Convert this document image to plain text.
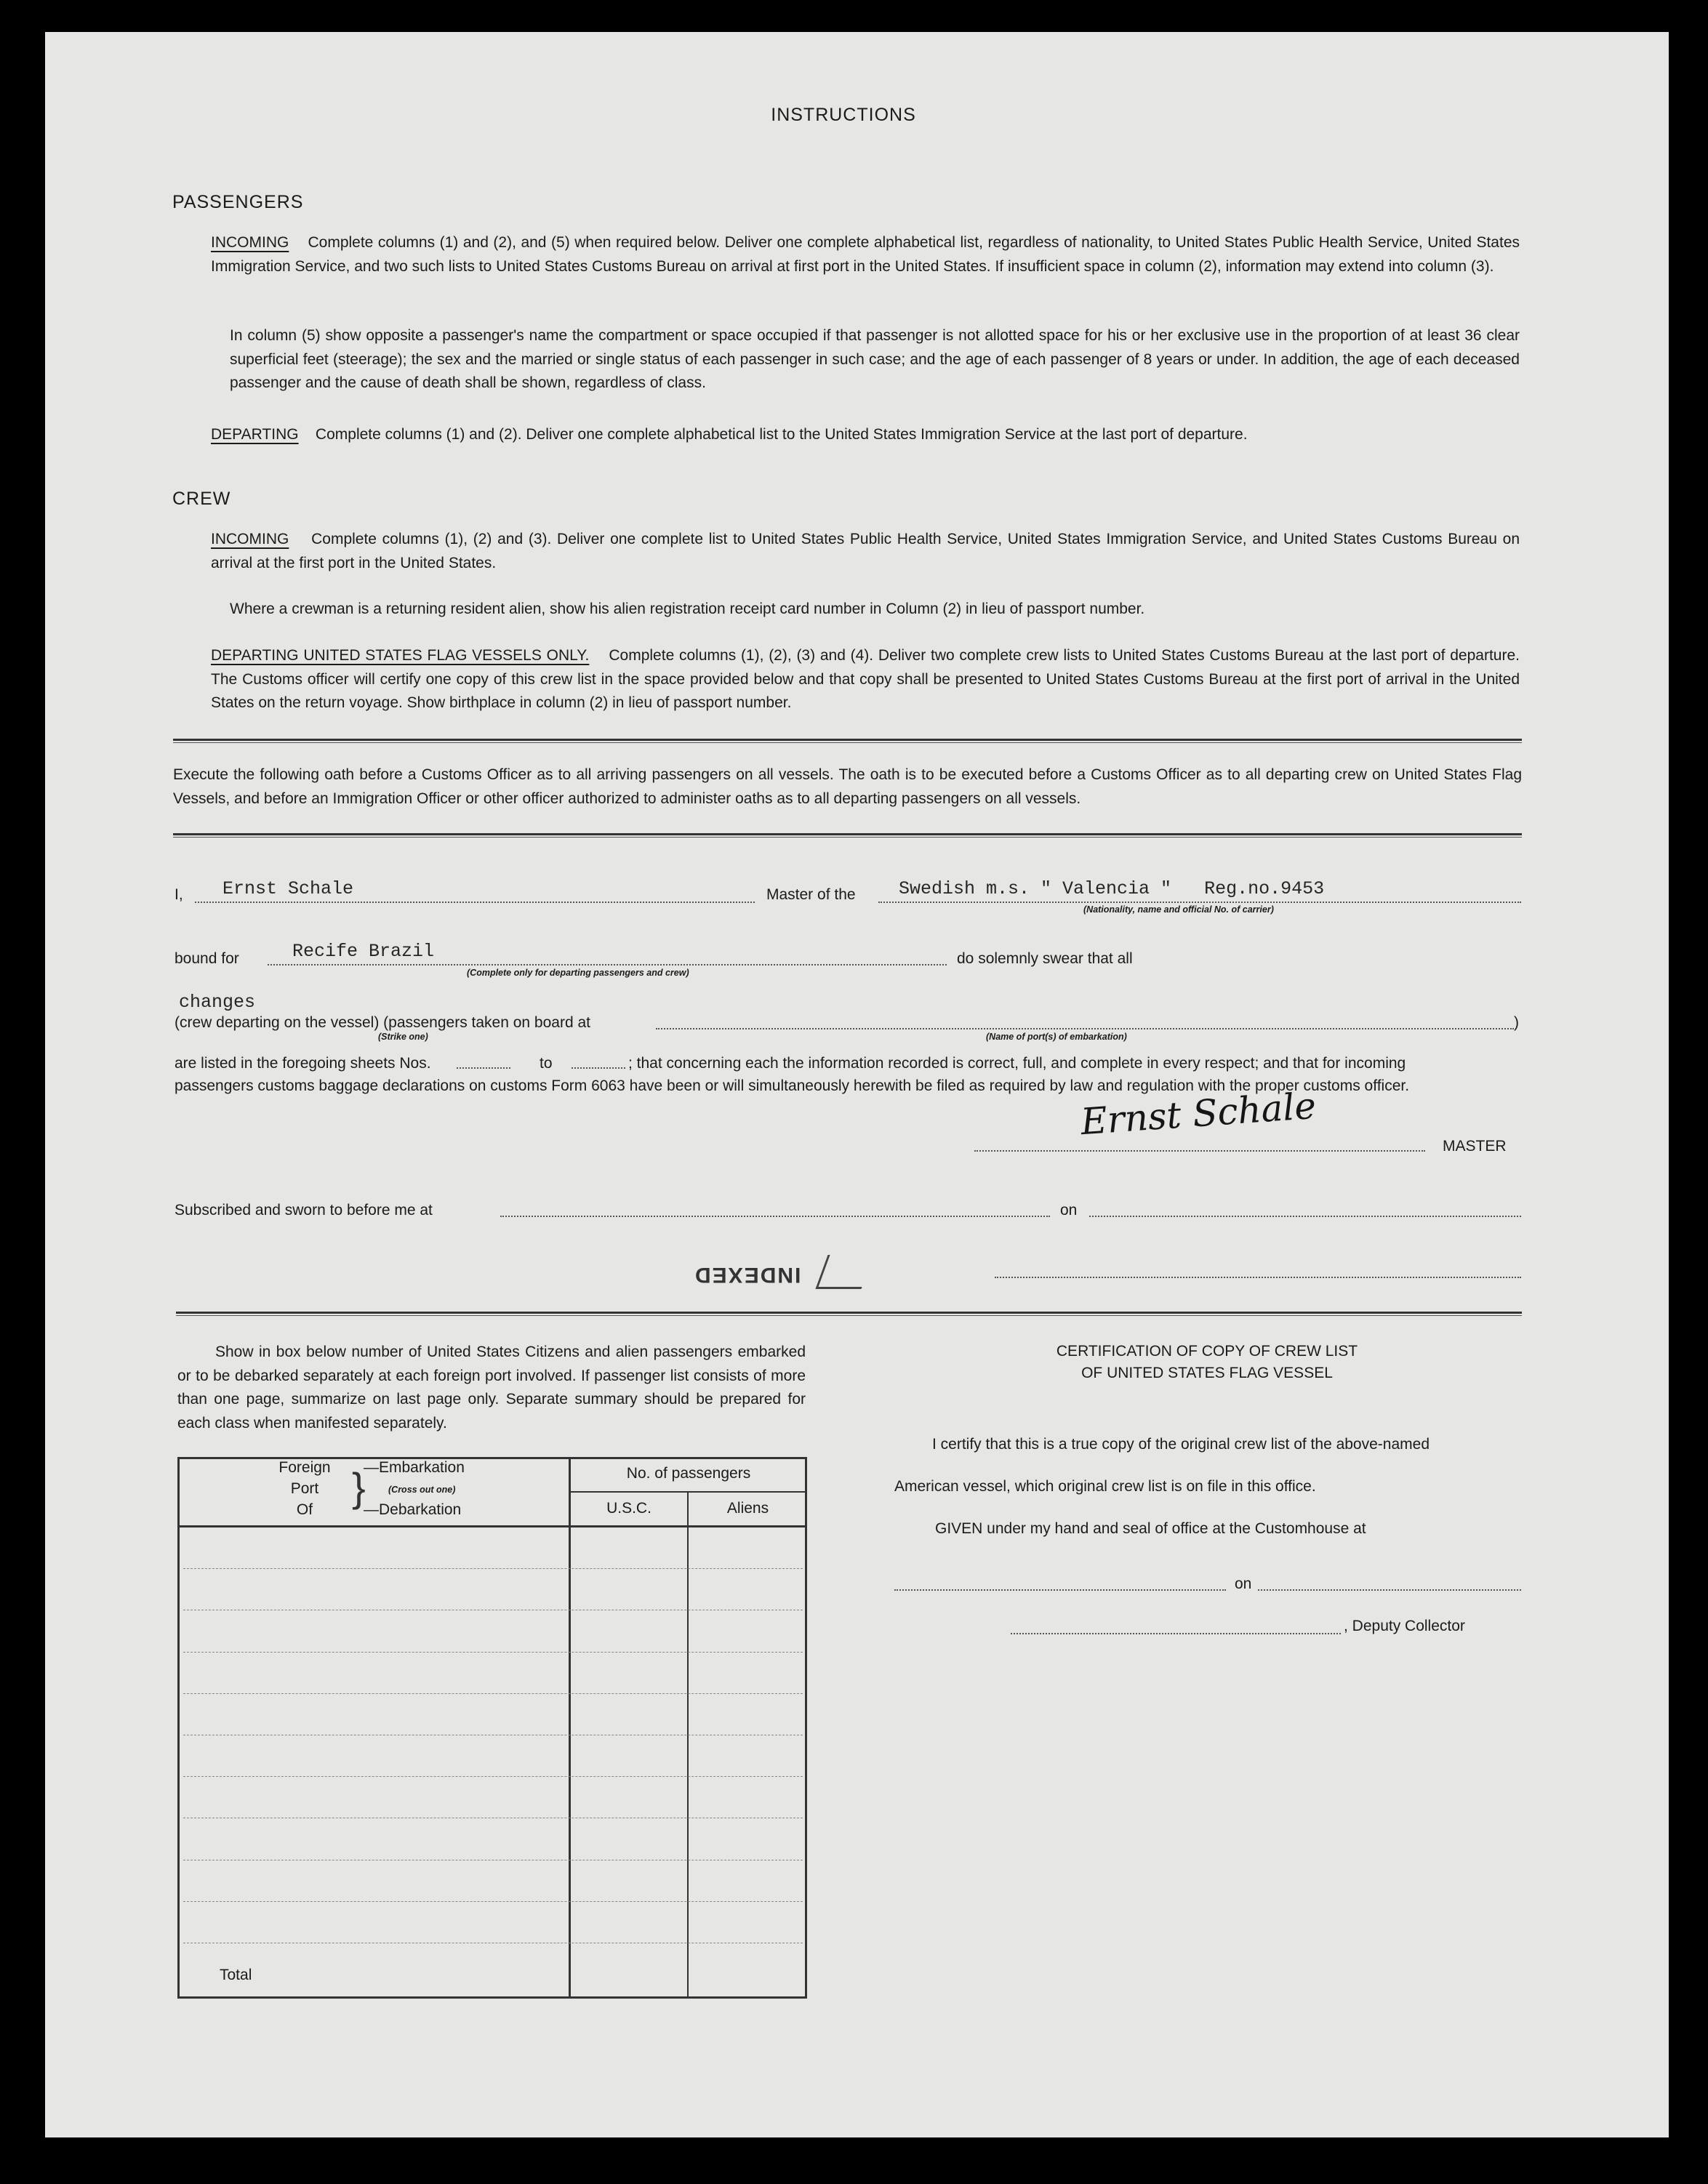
INSTRUCTIONS
PASSENGERS
INCOMING Complete columns (1) and (2), and (5) when required below. Deliver one complete alphabetical list, regardless of nationality, to United States Public Health Service, United States Immigration Service, and two such lists to United States Customs Bureau on arrival at first port in the United States. If insufficient space in column (2), information may extend into column (3).
In column (5) show opposite a passenger's name the compartment or space occupied if that passenger is not allotted space for his or her exclusive use in the proportion of at least 36 clear superficial feet (steerage); the sex and the married or single status of each passenger in such case; and the age of each passenger of 8 years or under. In addition, the age of each deceased passenger and the cause of death shall be shown, regardless of class.
DEPARTING Complete columns (1) and (2). Deliver one complete alphabetical list to the United States Immigration Service at the last port of departure.
CREW
INCOMING Complete columns (1), (2) and (3). Deliver one complete list to United States Public Health Service, United States Immigration Service, and United States Customs Bureau on arrival at the first port in the United States.
Where a crewman is a returning resident alien, show his alien registration receipt card number in Column (2) in lieu of passport number.
DEPARTING UNITED STATES FLAG VESSELS ONLY. Complete columns (1), (2), (3) and (4). Deliver two complete crew lists to United States Customs Bureau at the last port of departure. The Customs officer will certify one copy of this crew list in the space provided below and that copy shall be presented to United States Customs Bureau at the first port of arrival in the United States on the return voyage. Show birthplace in column (2) in lieu of passport number.
Execute the following oath before a Customs Officer as to all arriving passengers on all vessels. The oath is to be executed before a Customs Officer as to all departing crew on United States Flag Vessels, and before an Immigration Officer or other officer authorized to administer oaths as to all departing passengers on all vessels.
I, Ernst Schale	Master of the Swedish m.s. " Valencia "   Reg.no.9453
(Nationality, name and official No. of carrier)
bound for	Recife Brazil
(Complete only for departing passengers and crew)
do solemnly swear that all
changes
(crew departing on the vessel) (passengers taken on board at	)
(Strike one)	(Name of port(s) of embarkation)
are listed in the foregoing sheets Nos.	to	; that concerning each the information recorded is correct, full, and complete in every respect; and that for incoming
passengers customs baggage declarations on customs Form 6063 have been or will simultaneously herewith be filed as required by law and regulation with the proper customs officer.
Ernst Schale
MASTER
Subscribed and sworn to before me at	on
INDEXED
Show in box below number of United States Citizens and alien passengers embarked or to be debarked separately at each foreign port involved. If passenger list consists of more than one page, summarize on last page only. Separate summary should be prepared for each class when manifested separately.
Foreign
Port
Of }
—Embarkation
(Cross out one)
—Debarkation
No. of passengers
U.S.C.	Aliens
Total
CERTIFICATION OF COPY OF CREW LIST
OF UNITED STATES FLAG VESSEL
I certify that this is a true copy of the original crew list of the above-named
American vessel, which original crew list is on file in this office.
GIVEN under my hand and seal of office at the Customhouse at
on
, Deputy Collector
